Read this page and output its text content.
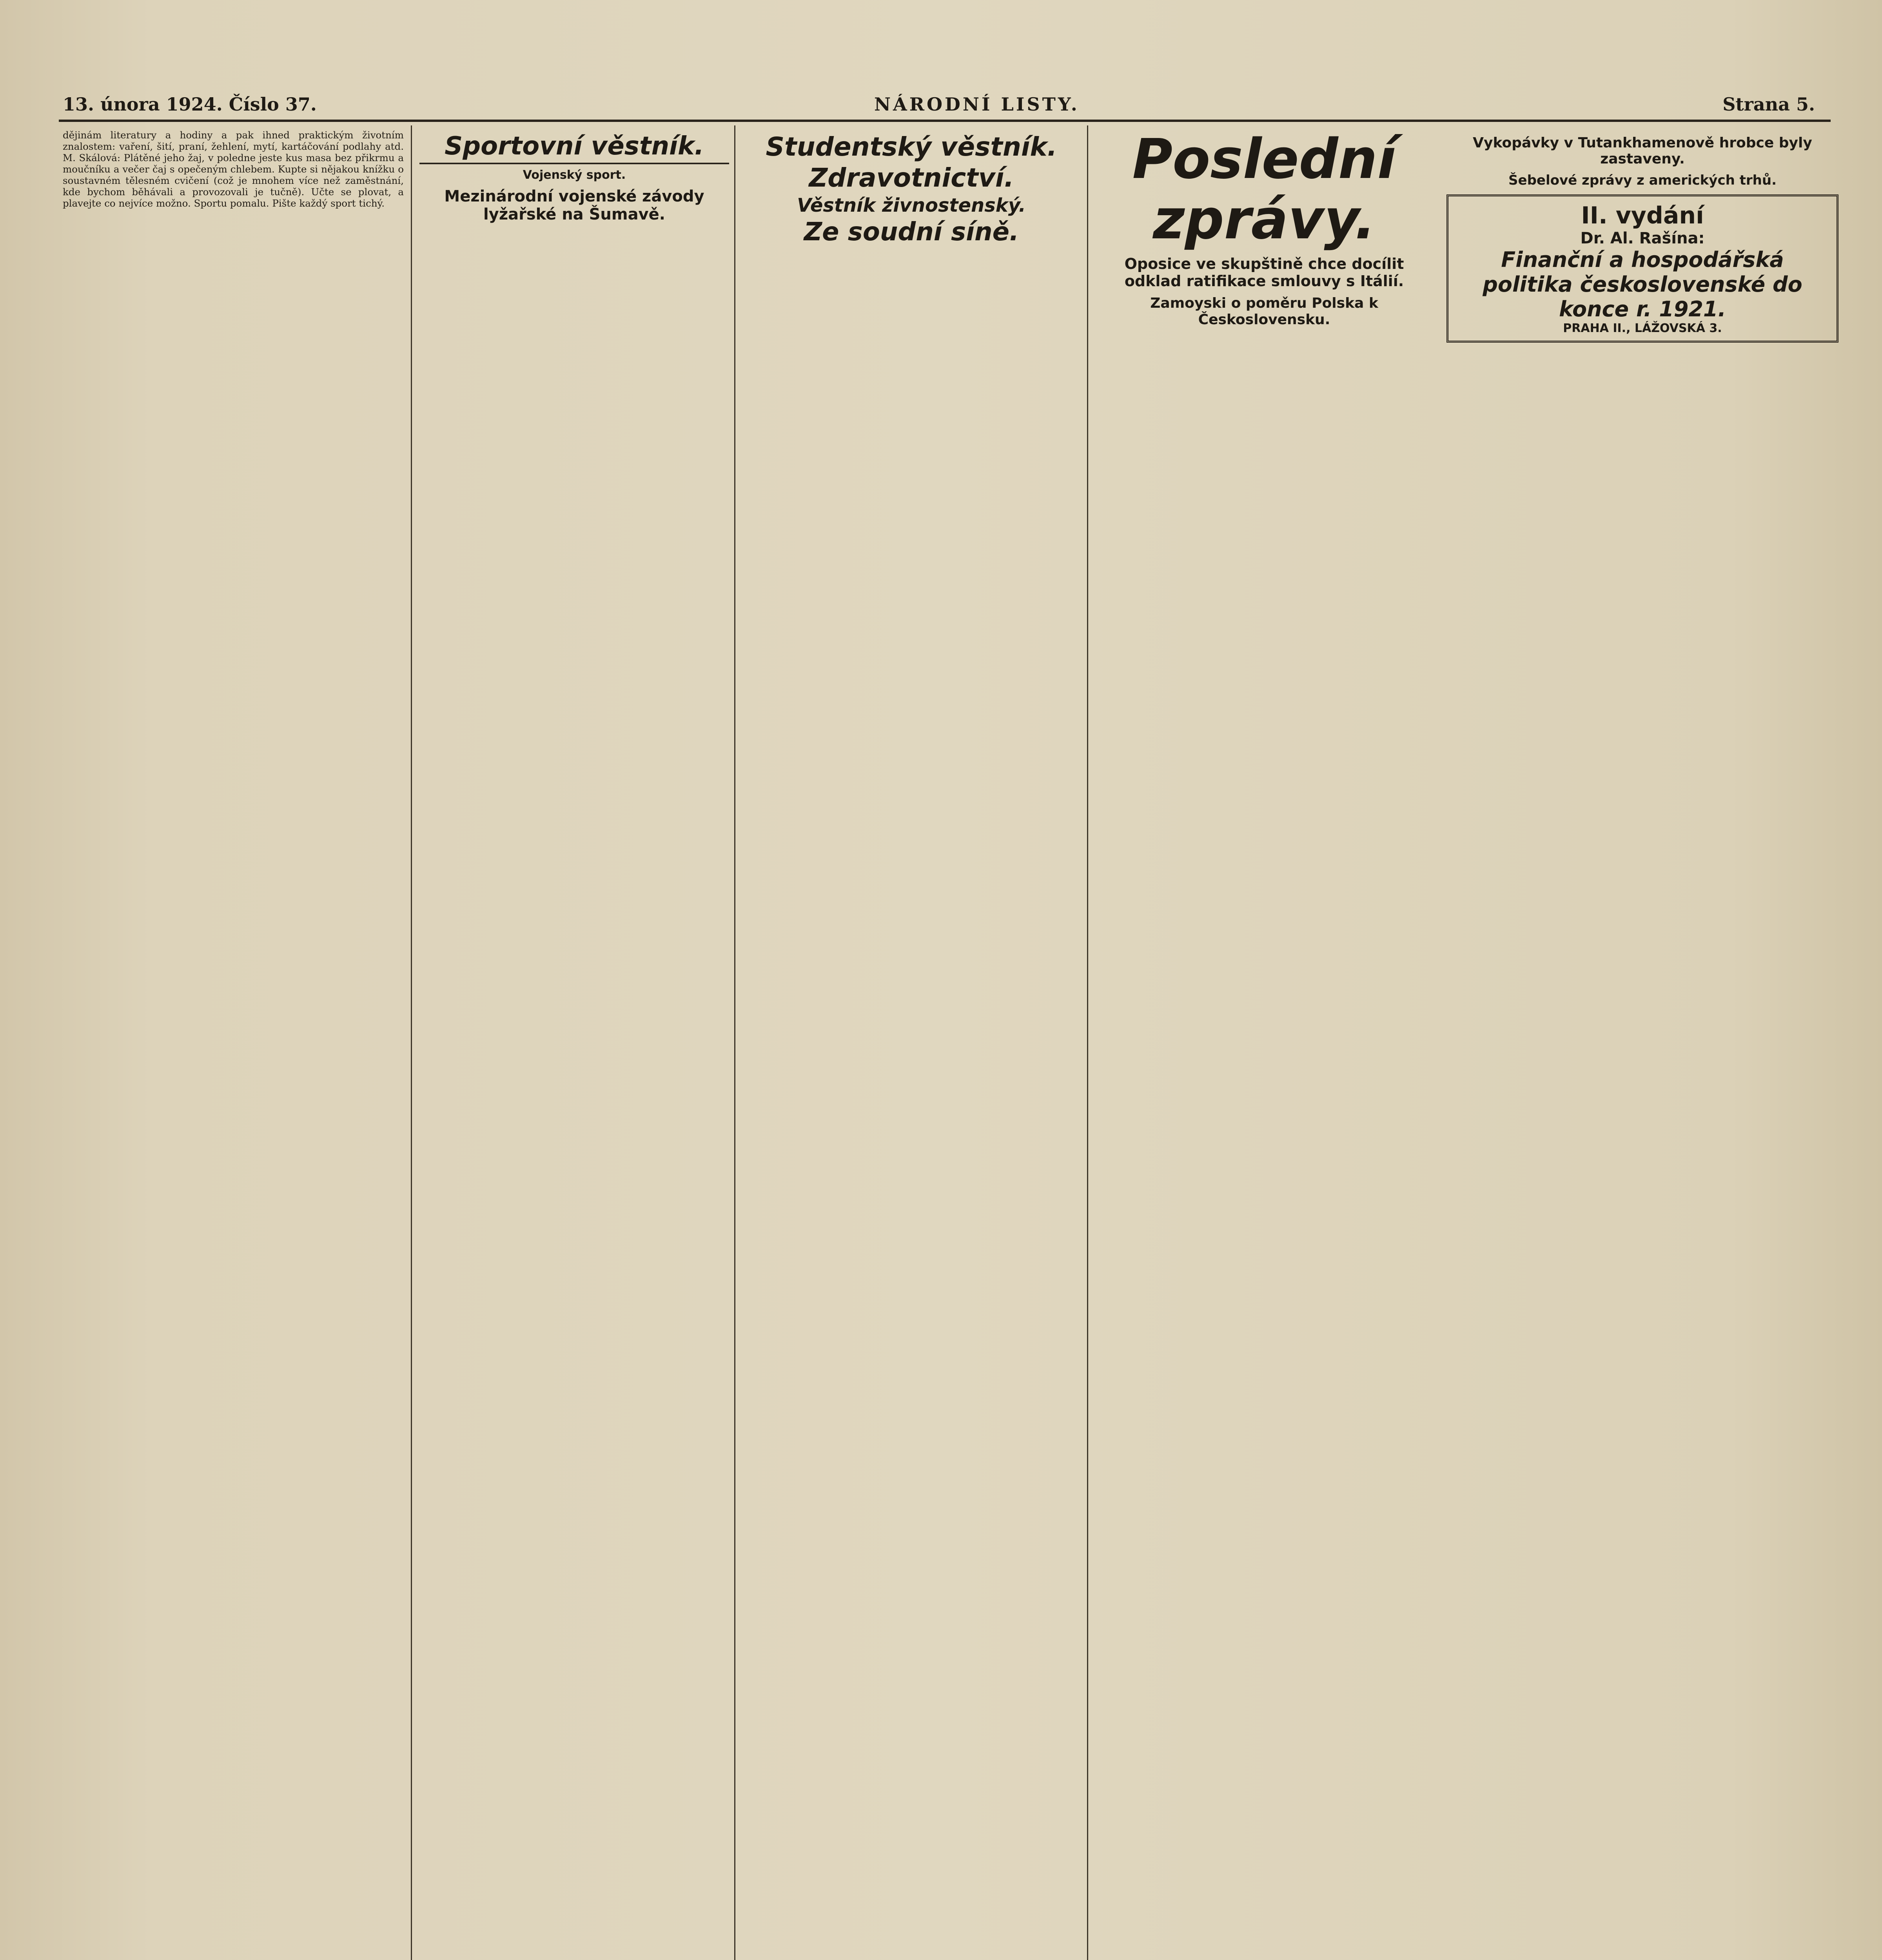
13. února 1924. Číslo 37.	NÁRODNÍ LISTY.	Strana 5.

dějinám literatury a hodiny a pak ihned praktickým životním znalostem: vaření, šití, praní, žehlení, mytí, kartáčování podlahy atd. M. Skálová: Plátěné jeho žaj, v poledne jeste kus masa bez přikrmu a moučníku a večer čaj s opečeným chlebem. Kupte si nějakou knížku o soustavném tělesném cvičení (což je mnohem více než zaměstnání, kde bychom běhávali a provozovali je tučně). Učte se plovat, a plavejte co nejvíce možno. Sportu pomalu. Pište každý sport tichý.

Sportovní věstník.
Vojenský sport.
Mezinárodní vojenské závody lyžařské na Šumavě.
Studentský věstník.
Zdravotnictví.
Věstník živnostenský.
Ze soudní síně.
Poslední zprávy.
Oposice ve skupštině chce docílit odklad ratifikace smlouvy s Itálií.
Zamoyski o poměru Polska k Československu.
Vykopávky v Tutankhamenově hrobce byly zastaveny.
Šebelové zprávy z amerických trhů.
II. vydání
Dr. Al. Rašína:
Finanční a hospodářská politika československé do konce r. 1921.
PRAHA II., LÁŽOVSKÁ 3.
